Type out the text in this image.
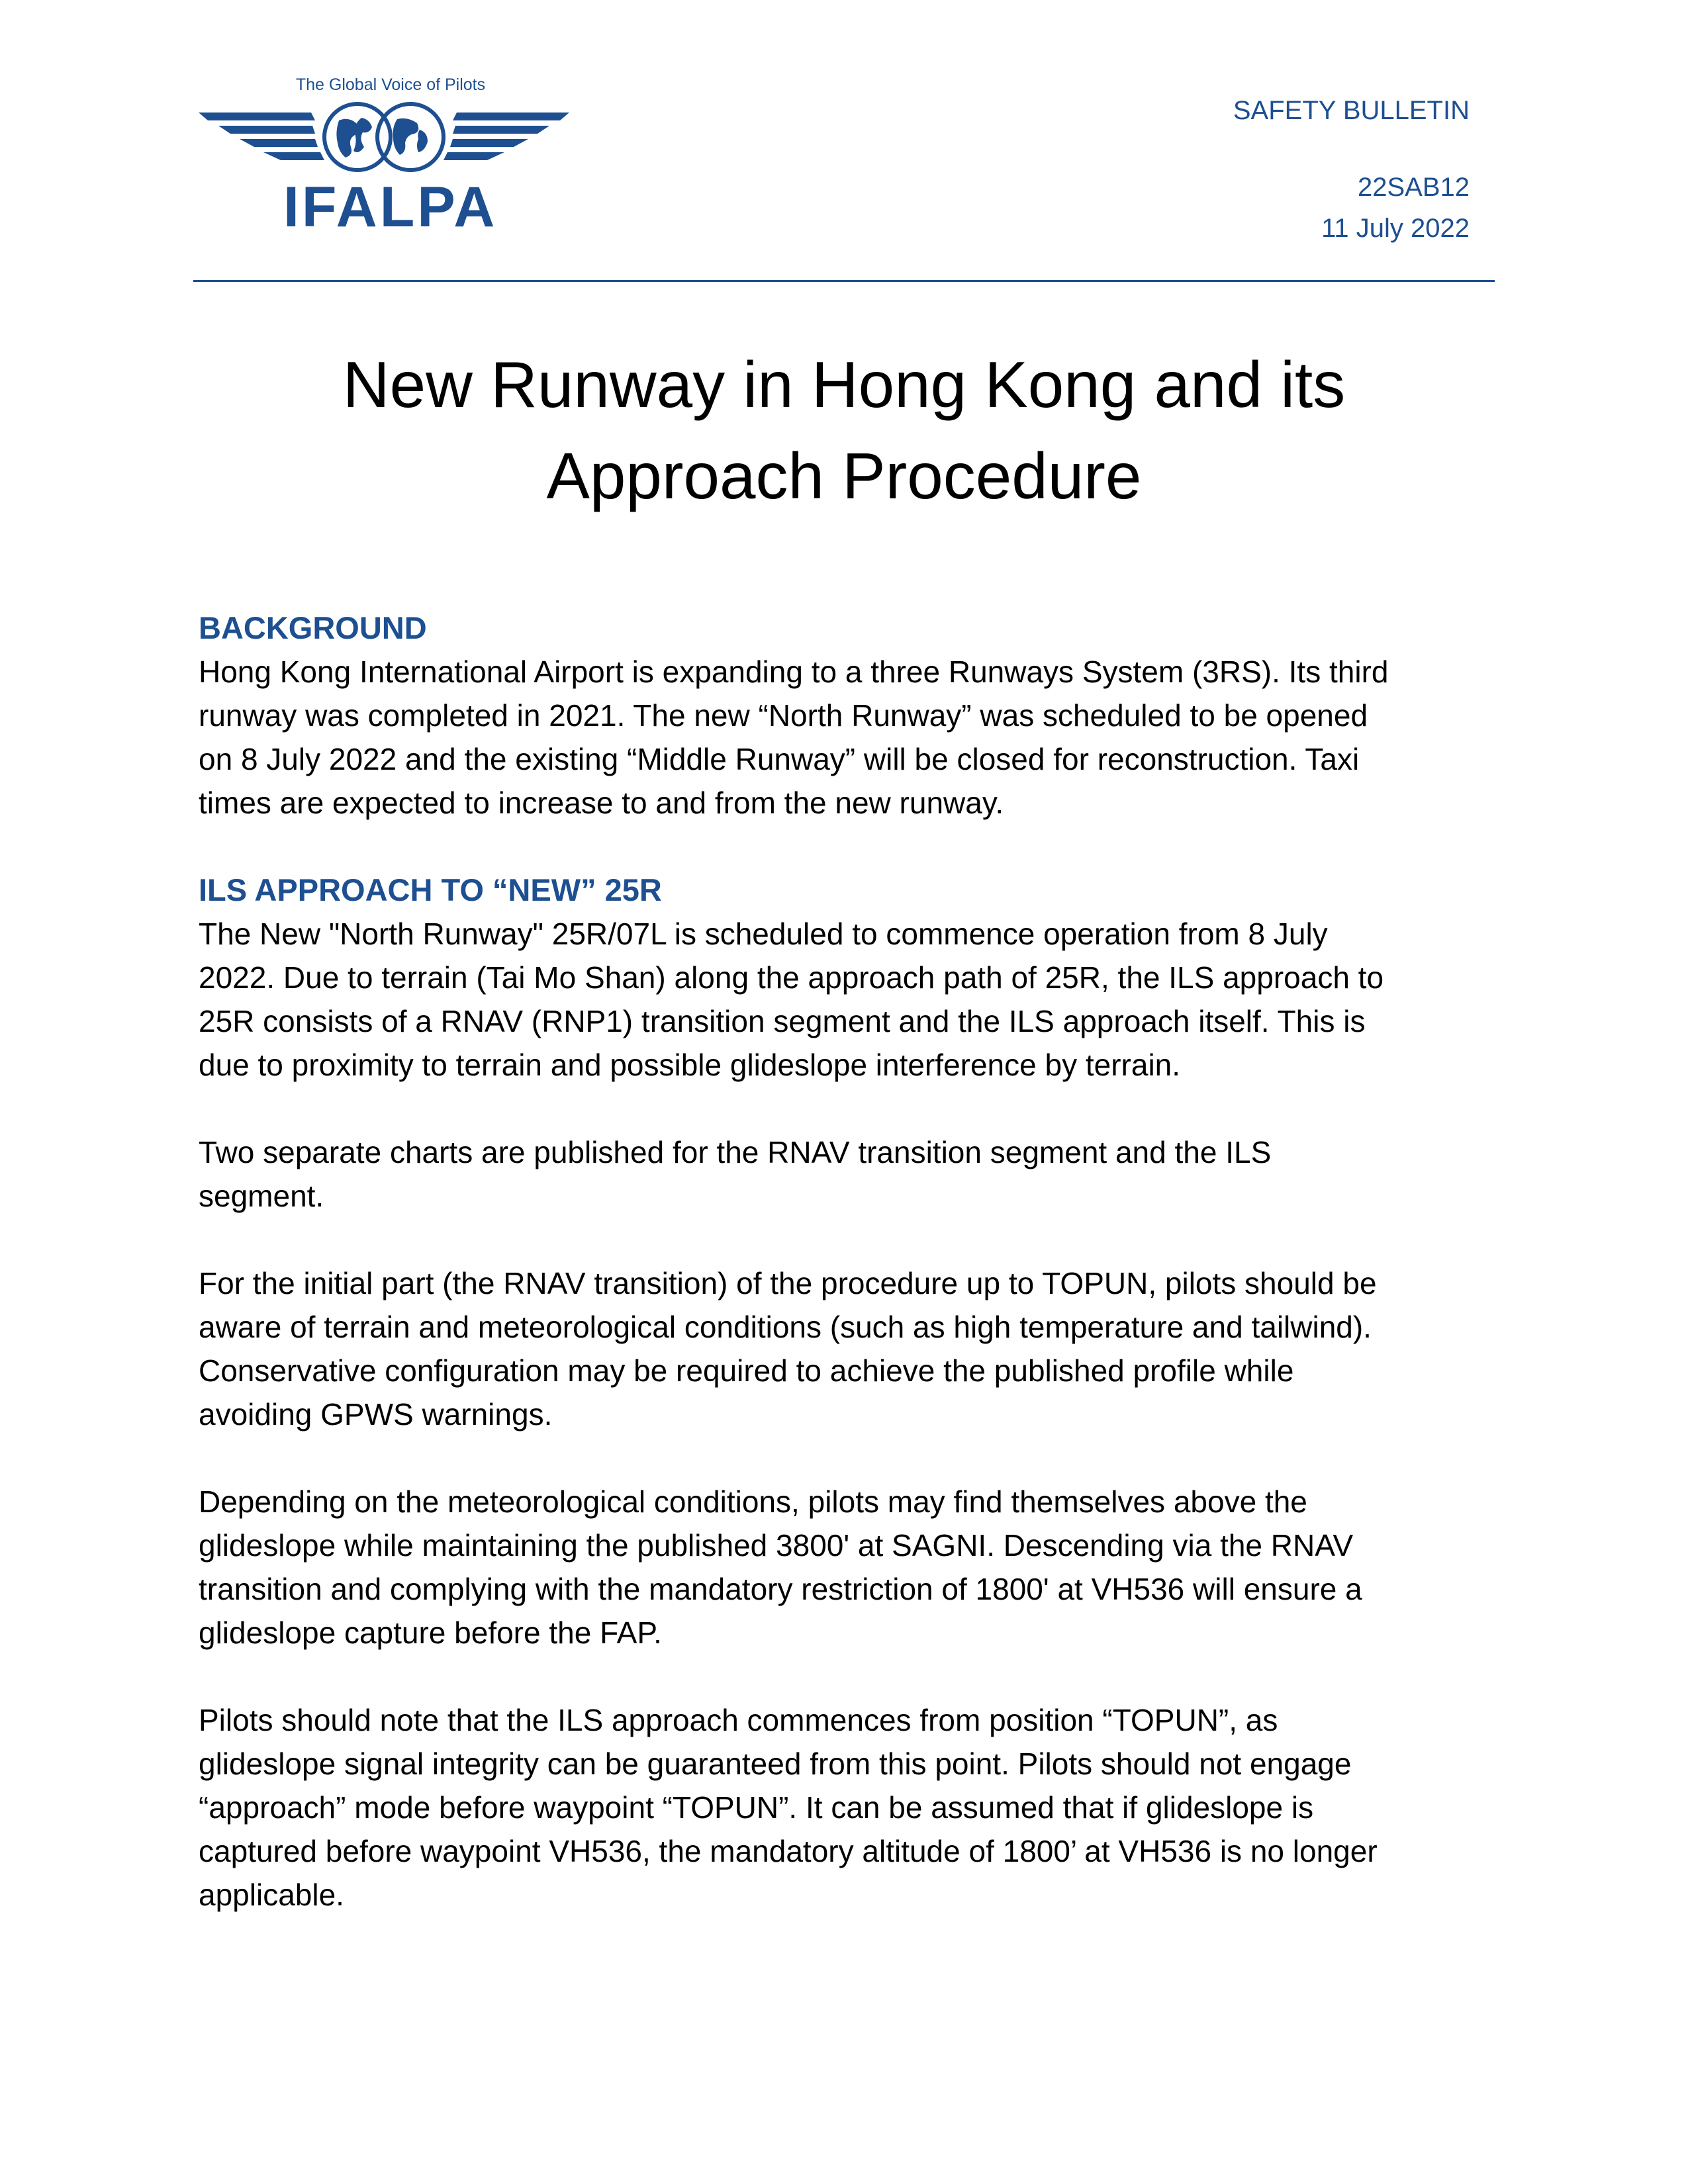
The Global Voice of Pilots
IFALPA
SAFETY BULLETIN
22SAB12
11 July 2022
New Runway in Hong Kong and its
Approach Procedure
BACKGROUND

Hong Kong International Airport is expanding to a three Runways System (3RS). Its third
runway was completed in 2021. The new “North Runway” was scheduled to be opened
on 8 July 2022 and the existing “Middle Runway” will be closed for reconstruction. Taxi
times are expected to increase to and from the new runway.

ILS APPROACH TO “NEW” 25R

The New "North Runway" 25R/07L is scheduled to commence operation from 8 July
2022. Due to terrain (Tai Mo Shan) along the approach path of 25R, the ILS approach to
25R consists of a RNAV (RNP1) transition segment and the ILS approach itself. This is
due to proximity to terrain and possible glideslope interference by terrain.

Two separate charts are published for the RNAV transition segment and the ILS
segment.

For the initial part (the RNAV transition) of the procedure up to TOPUN, pilots should be
aware of terrain and meteorological conditions (such as high temperature and tailwind).
Conservative configuration may be required to achieve the published profile while
avoiding GPWS warnings.

Depending on the meteorological conditions, pilots may find themselves above the
glideslope while maintaining the published 3800' at SAGNI. Descending via the RNAV
transition and complying with the mandatory restriction of 1800' at VH536 will ensure a
glideslope capture before the FAP.

Pilots should note that the ILS approach commences from position “TOPUN”, as
glideslope signal integrity can be guaranteed from this point. Pilots should not engage
“approach” mode before waypoint “TOPUN”. It can be assumed that if glideslope is
captured before waypoint VH536, the mandatory altitude of 1800’ at VH536 is no longer
applicable.
